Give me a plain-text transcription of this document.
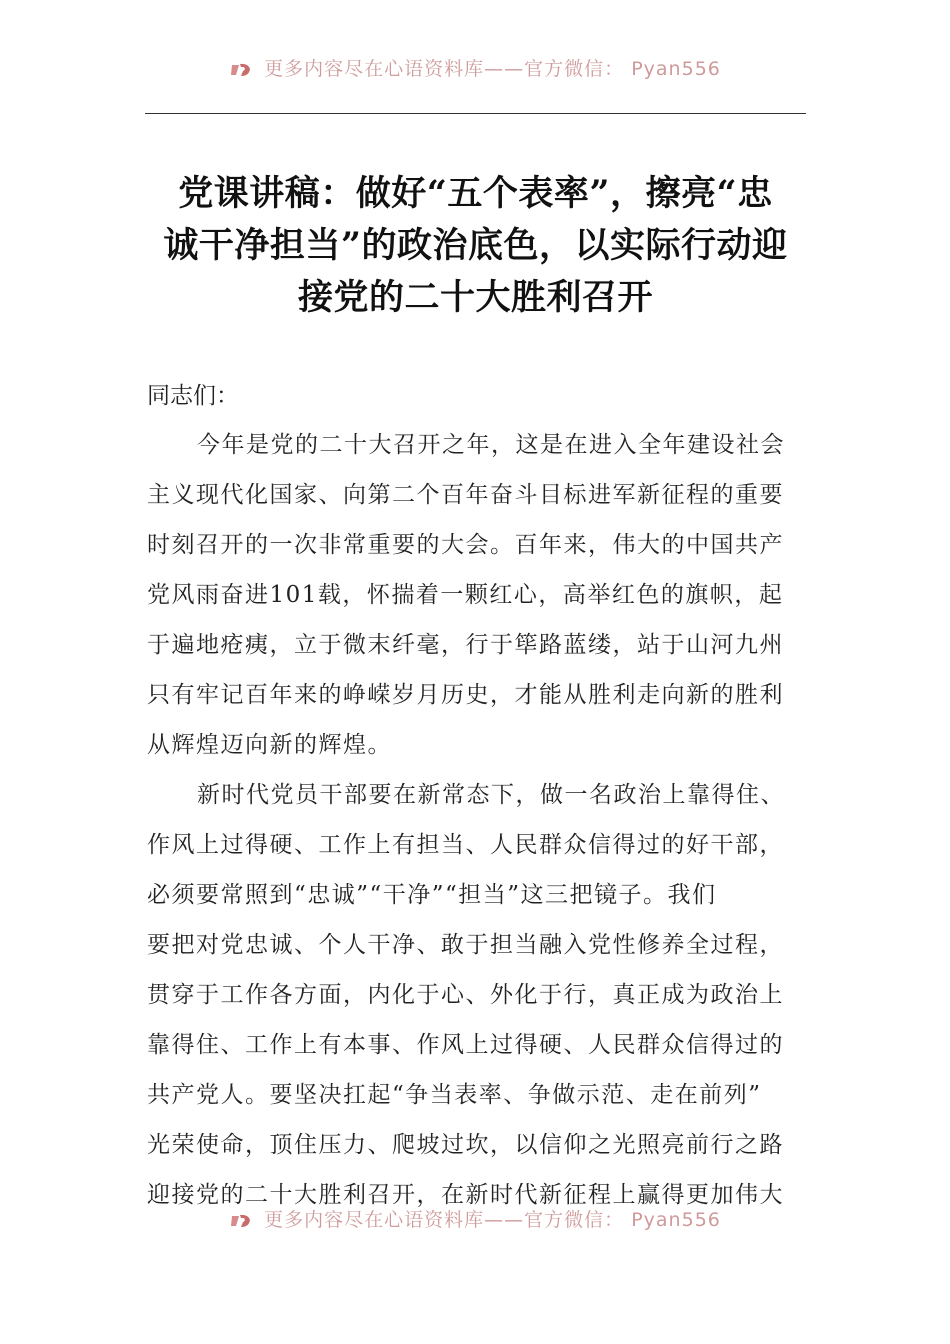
更多内容尽在心语资料库——官方微信： Pyan556
党课讲稿：做好“五个表率”，擦亮“忠
诚干净担当”的政治底色，以实际行动迎
接党的二十大胜利召开
同志们：
今年是党的二十大召开之年，这是在进入全年建设社会
主义现代化国家、向第二个百年奋斗目标进军新征程的重要
时刻召开的一次非常重要的大会。百年来，伟大的中国共产
党风雨奋进101载，怀揣着一颗红心，高举红色的旗帜，起
于遍地疮痍，立于微末纤毫，行于筚路蓝缕，站于山河九州
只有牢记百年来的峥嵘岁月历史，才能从胜利走向新的胜利
从辉煌迈向新的辉煌。
新时代党员干部要在新常态下，做一名政治上靠得住、
作风上过得硬、工作上有担当、人民群众信得过的好干部，
必须要常照到“忠诚”“干净”“担当”这三把镜子。我们
要把对党忠诚、个人干净、敢于担当融入党性修养全过程，
贯穿于工作各方面，内化于心、外化于行，真正成为政治上
靠得住、工作上有本事、作风上过得硬、人民群众信得过的
共产党人。要坚决扛起“争当表率、争做示范、走在前列”
光荣使命，顶住压力、爬坡过坎，以信仰之光照亮前行之路
迎接党的二十大胜利召开，在新时代新征程上赢得更加伟大
更多内容尽在心语资料库——官方微信： Pyan556
